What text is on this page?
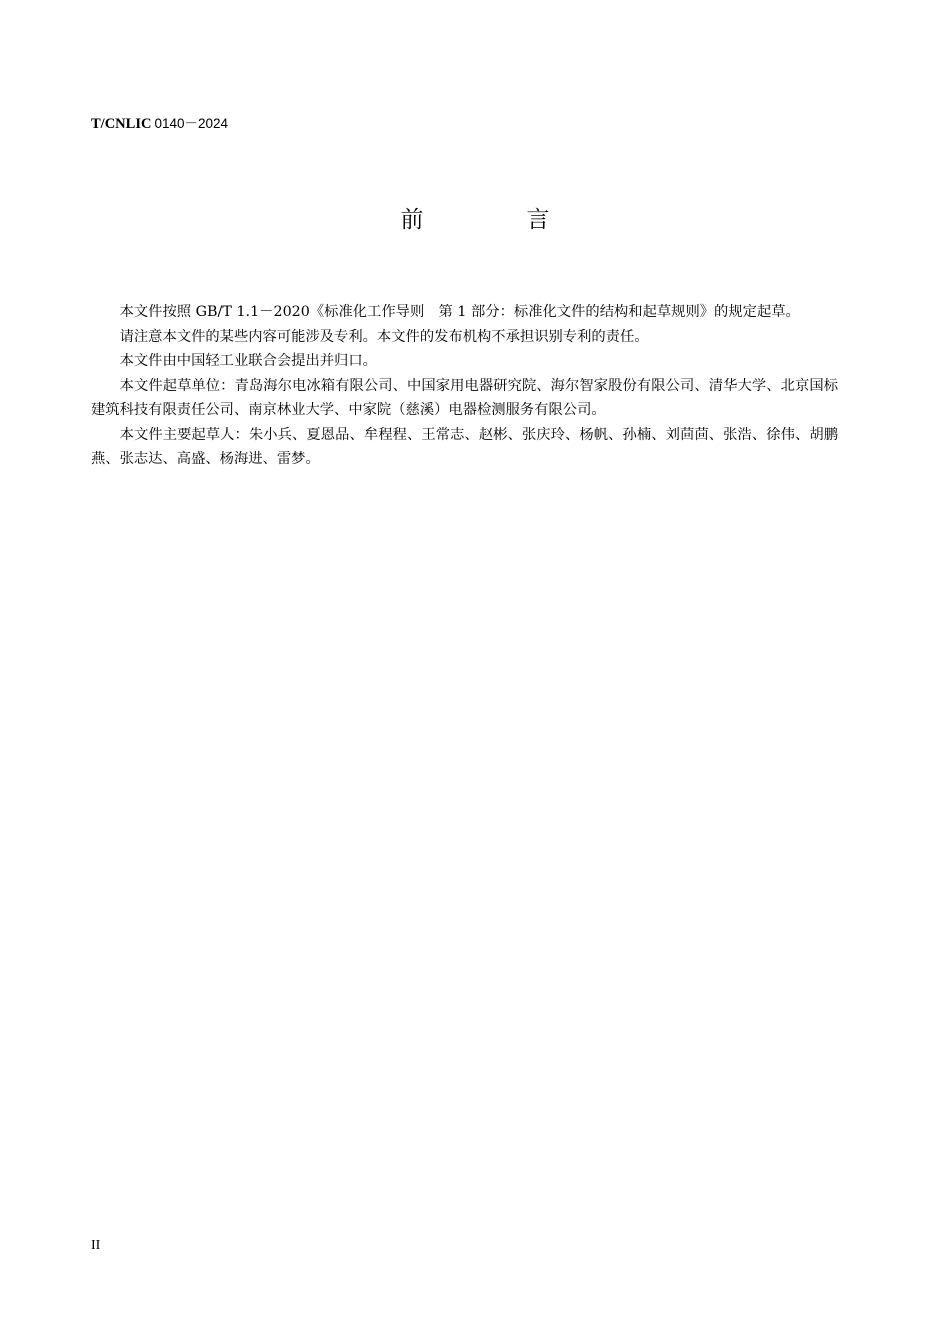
T/CNLIC 0140－2024
前　言

本文件按照 GB/T 1.1－2020《标准化工作导则　第 1 部分：标准化文件的结构和起草规则》的规定起草。

请注意本文件的某些内容可能涉及专利。本文件的发布机构不承担识别专利的责任。

本文件由中国轻工业联合会提出并归口。

本文件起草单位：青岛海尔电冰箱有限公司、中国家用电器研究院、海尔智家股份有限公司、清华大学、北京国标建筑科技有限责任公司、南京林业大学、中家院（慈溪）电器检测服务有限公司。

本文件主要起草人：朱小兵、夏恩品、牟程程、王常志、赵彬、张庆玲、杨帆、孙楠、刘茴茴、张浩、徐伟、胡鹏燕、张志达、高盛、杨海进、雷梦。

II
